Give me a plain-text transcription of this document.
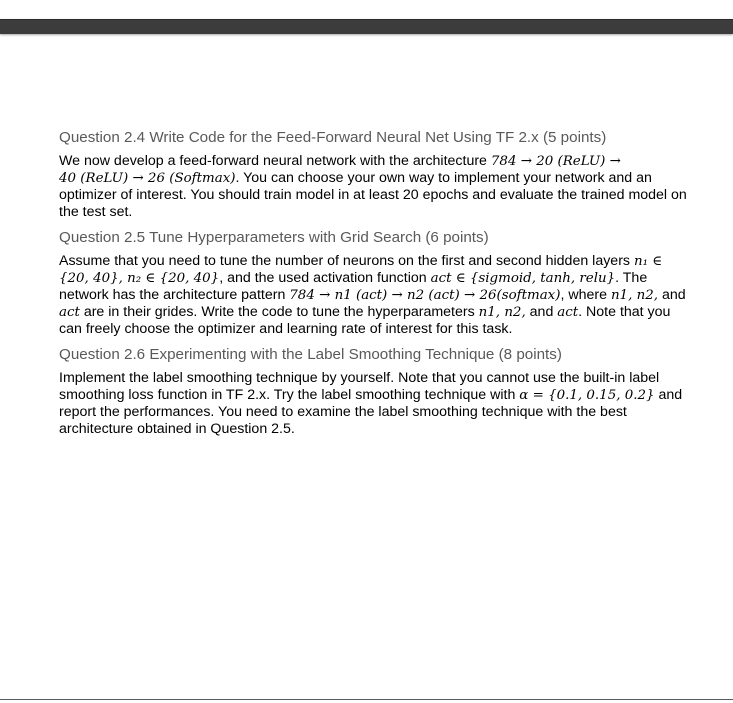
Question 2.4 Write Code for the Feed-Forward Neural Net Using TF 2.x (5 points)

We now develop a feed-forward neural network with the architecture 784 → 20 (ReLU) →
40 (ReLU) → 26 (Softmax). You can choose your own way to implement your network and an optimizer of interest. You should train model in at least 20 epochs and evaluate the trained model on the test set.

Question 2.5 Tune Hyperparameters with Grid Search (6 points)

Assume that you need to tune the number of neurons on the first and second hidden layers n₁ ∈
{20, 40}, n₂ ∈ {20, 40}, and the used activation function act ∈ {sigmoid, tanh, relu}. The network has the architecture pattern 784 → n1 (act) → n2 (act) → 26(softmax), where n1, n2, and act are in their grides. Write the code to tune the hyperparameters n1, n2, and act. Note that you can freely choose the optimizer and learning rate of interest for this task.

Question 2.6 Experimenting with the Label Smoothing Technique (8 points)

Implement the label smoothing technique by yourself. Note that you cannot use the built-in label smoothing loss function in TF 2.x. Try the label smoothing technique with α = {0.1, 0.15, 0.2} and report the performances. You need to examine the label smoothing technique with the best architecture obtained in Question 2.5.
